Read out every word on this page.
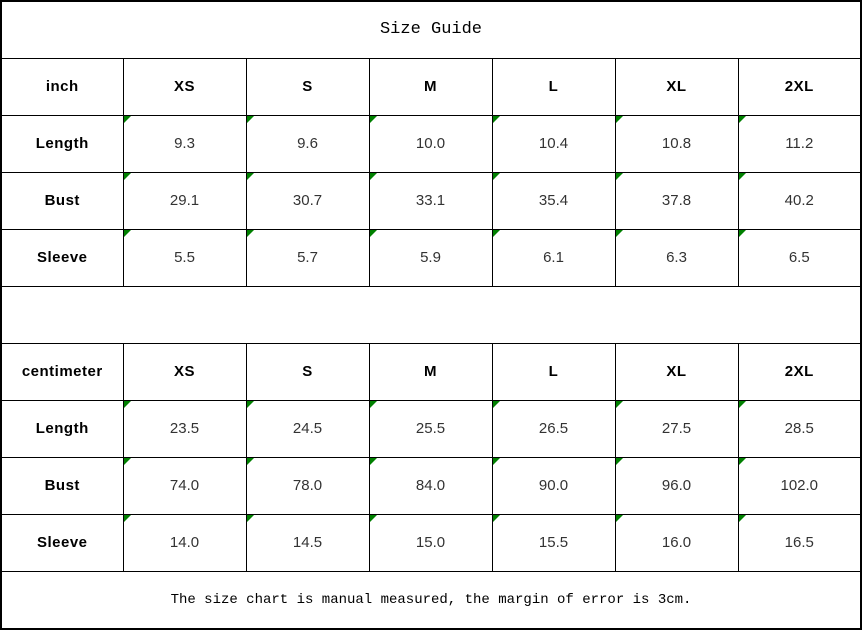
Size Guide						
inch	XS	S	M	L	XL	2XL
Length	9.3	9.6	10.0	10.4	10.8	11.2
Bust	29.1	30.7	33.1	35.4	37.8	40.2
Sleeve	5.5	5.7	5.9	6.1	6.3	6.5

centimeter	XS	S	M	L	XL	2XL
Length	23.5	24.5	25.5	26.5	27.5	28.5
Bust	74.0	78.0	84.0	90.0	96.0	102.0
Sleeve	14.0	14.5	15.0	15.5	16.0	16.5
The size chart is manual measured, the margin of error is 3cm.						
